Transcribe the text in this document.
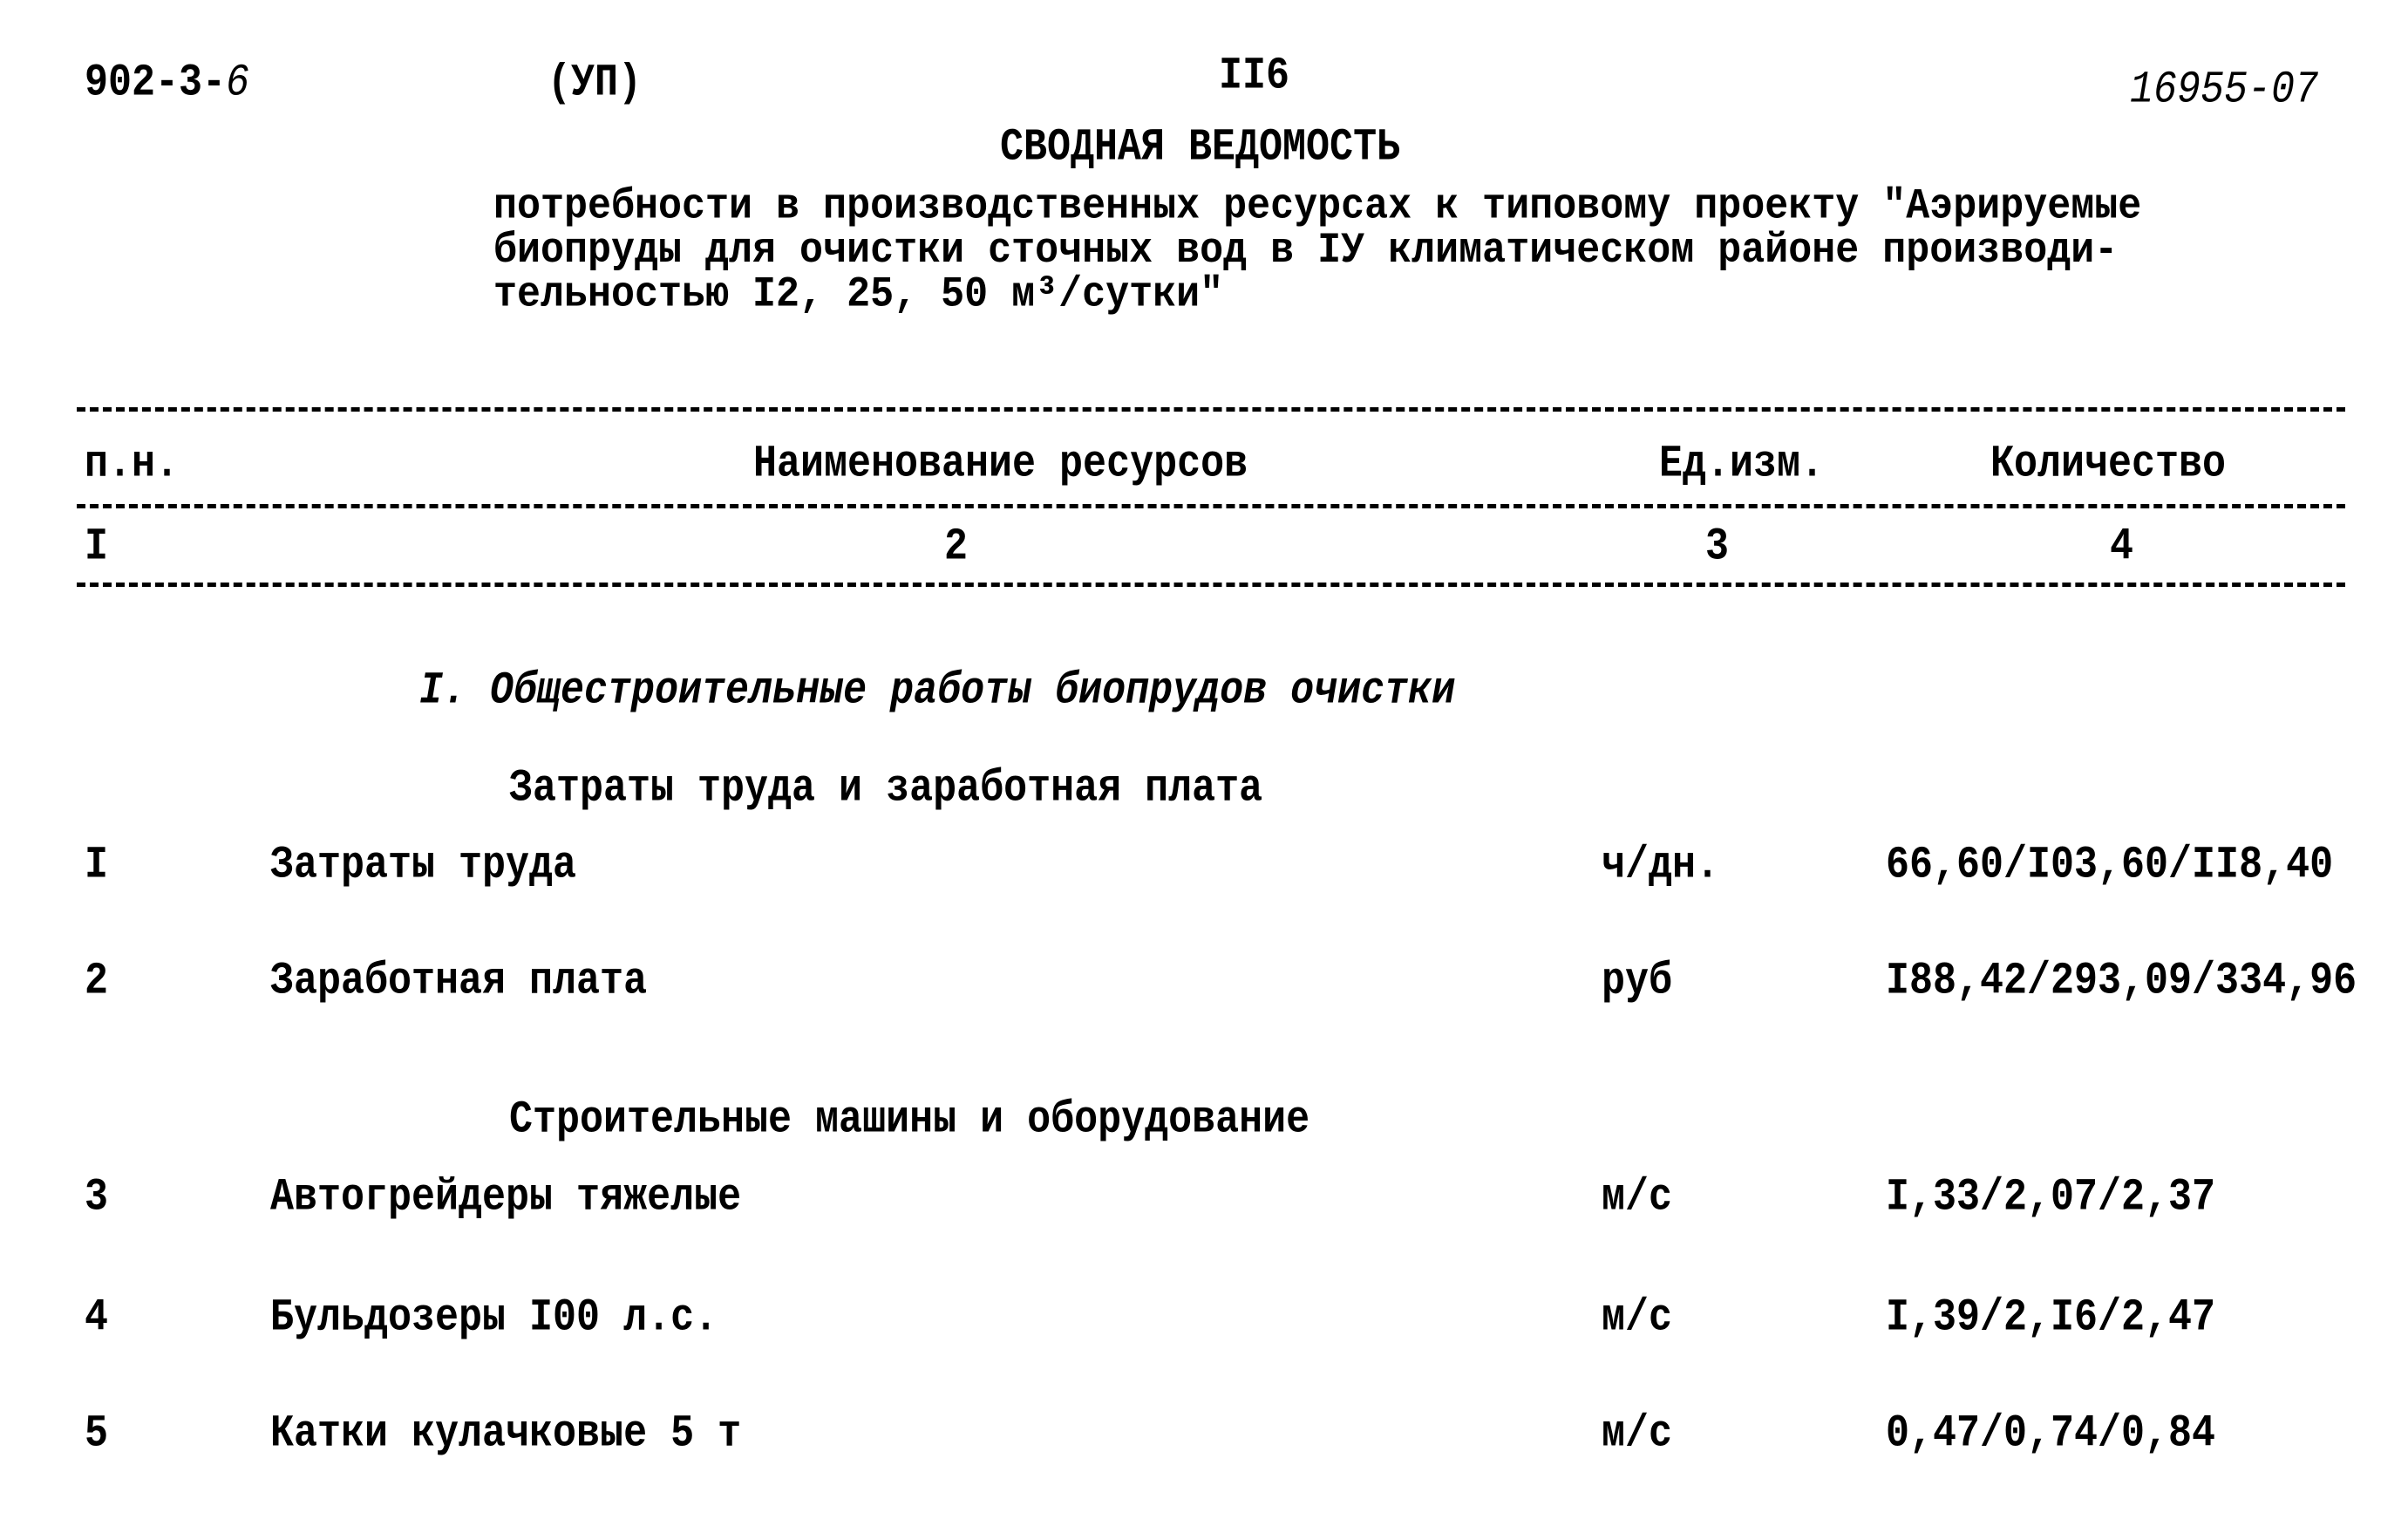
902-3-6	(УП)	II6	16955-07
СВОДНАЯ ВЕДОМОСТЬ
потребности в производственных ресурсах к типовому проекту "Аэрируемые
биопруды для очистки сточных вод в IУ климатическом районе производи-
тельностью I2, 25, 50 м³/сутки"
п.н.	Наименование ресурсов	Ед.изм.	Количество
I	2	3	4
I. Общестроительные работы биопрудов очистки
Затраты труда и заработная плата
I	Затраты труда	ч/дн.	66,60/I03,60/II8,40
2	Заработная плата	руб	I88,42/293,09/334,96
Строительные машины и оборудование
3	Автогрейдеры тяжелые	м/с	I,33/2,07/2,37
4	Бульдозеры I00 л.с.	м/с	I,39/2,I6/2,47
5	Катки кулачковые 5 т	м/с	0,47/0,74/0,84
